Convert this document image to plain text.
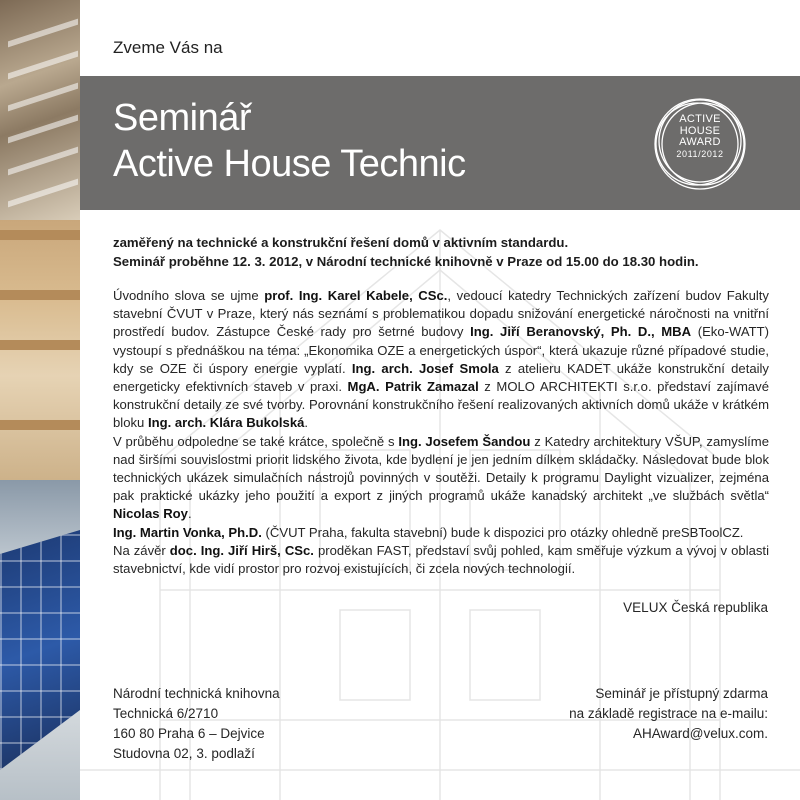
Zveme Vás na
Seminář
Active House Technic
ACTIVE
HOUSE
AWARD
2011/2012
zaměřený na technické a konstrukční řešení domů v aktivním standardu.
Seminář proběhne 12. 3. 2012, v Národní technické knihovně v Praze od 15.00 do 18.30 hodin.

Úvodního slova se ujme prof. Ing. Karel Kabele, CSc., vedoucí katedry Technických zařízení budov Fakulty stavební ČVUT v Praze, který nás seznámí s problematikou dopadu snižování energetické náročnosti na vnitřní prostředí budov. Zástupce České rady pro šetrné budovy Ing. Jiří Beranovský, Ph. D., MBA (Eko-WATT) vystoupí s přednáškou na téma: „Ekonomika OZE a energetických úspor“, která ukazuje různé případové studie, kdy se OZE či úspory energie vyplatí. Ing. arch. Josef Smola z atelieru KADET ukáže konstrukční detaily energeticky efektivních staveb v praxi. MgA. Patrik Zamazal z MOLO ARCHITEKTI s.r.o. představí zajímavé konstrukční detaily ze své tvorby. Porovnání konstrukčního řešení realizovaných aktivních domů ukáže v krátkém bloku Ing. arch. Klára Bukolská.

V průběhu odpoledne se také krátce, společně s Ing. Josefem Šandou z Katedry architektury VŠUP, zamyslíme nad širšími souvislostmi priorit lidského života, kde bydlení je jen jedním dílkem skládačky. Následovat bude blok technických ukázek simulačních nástrojů povinných v soutěži. Detaily k programu Daylight vizualizer, zejména pak praktické ukázky jeho použití a export z jiných programů ukáže kanadský architekt „ve službách světla“ Nicolas Roy.

Ing. Martin Vonka, Ph.D. (ČVUT Praha, fakulta stavební) bude k dispozici pro otázky ohledně preSBToolCZ.

Na závěr doc. Ing. Jiří Hirš, CSc. proděkan FAST, představí svůj pohled, kam směřuje výzkum a vývoj v oblasti stavebnictví, kde vidí prostor pro rozvoj existujících, či zcela nových technologií.

VELUX Česká republika
Národní technická knihovna
Technická 6/2710
160 80 Praha 6 – Dejvice
Studovna 02, 3. podlaží
Seminář je přístupný zdarma
na základě registrace na e-mailu:
AHAward@velux.com.
